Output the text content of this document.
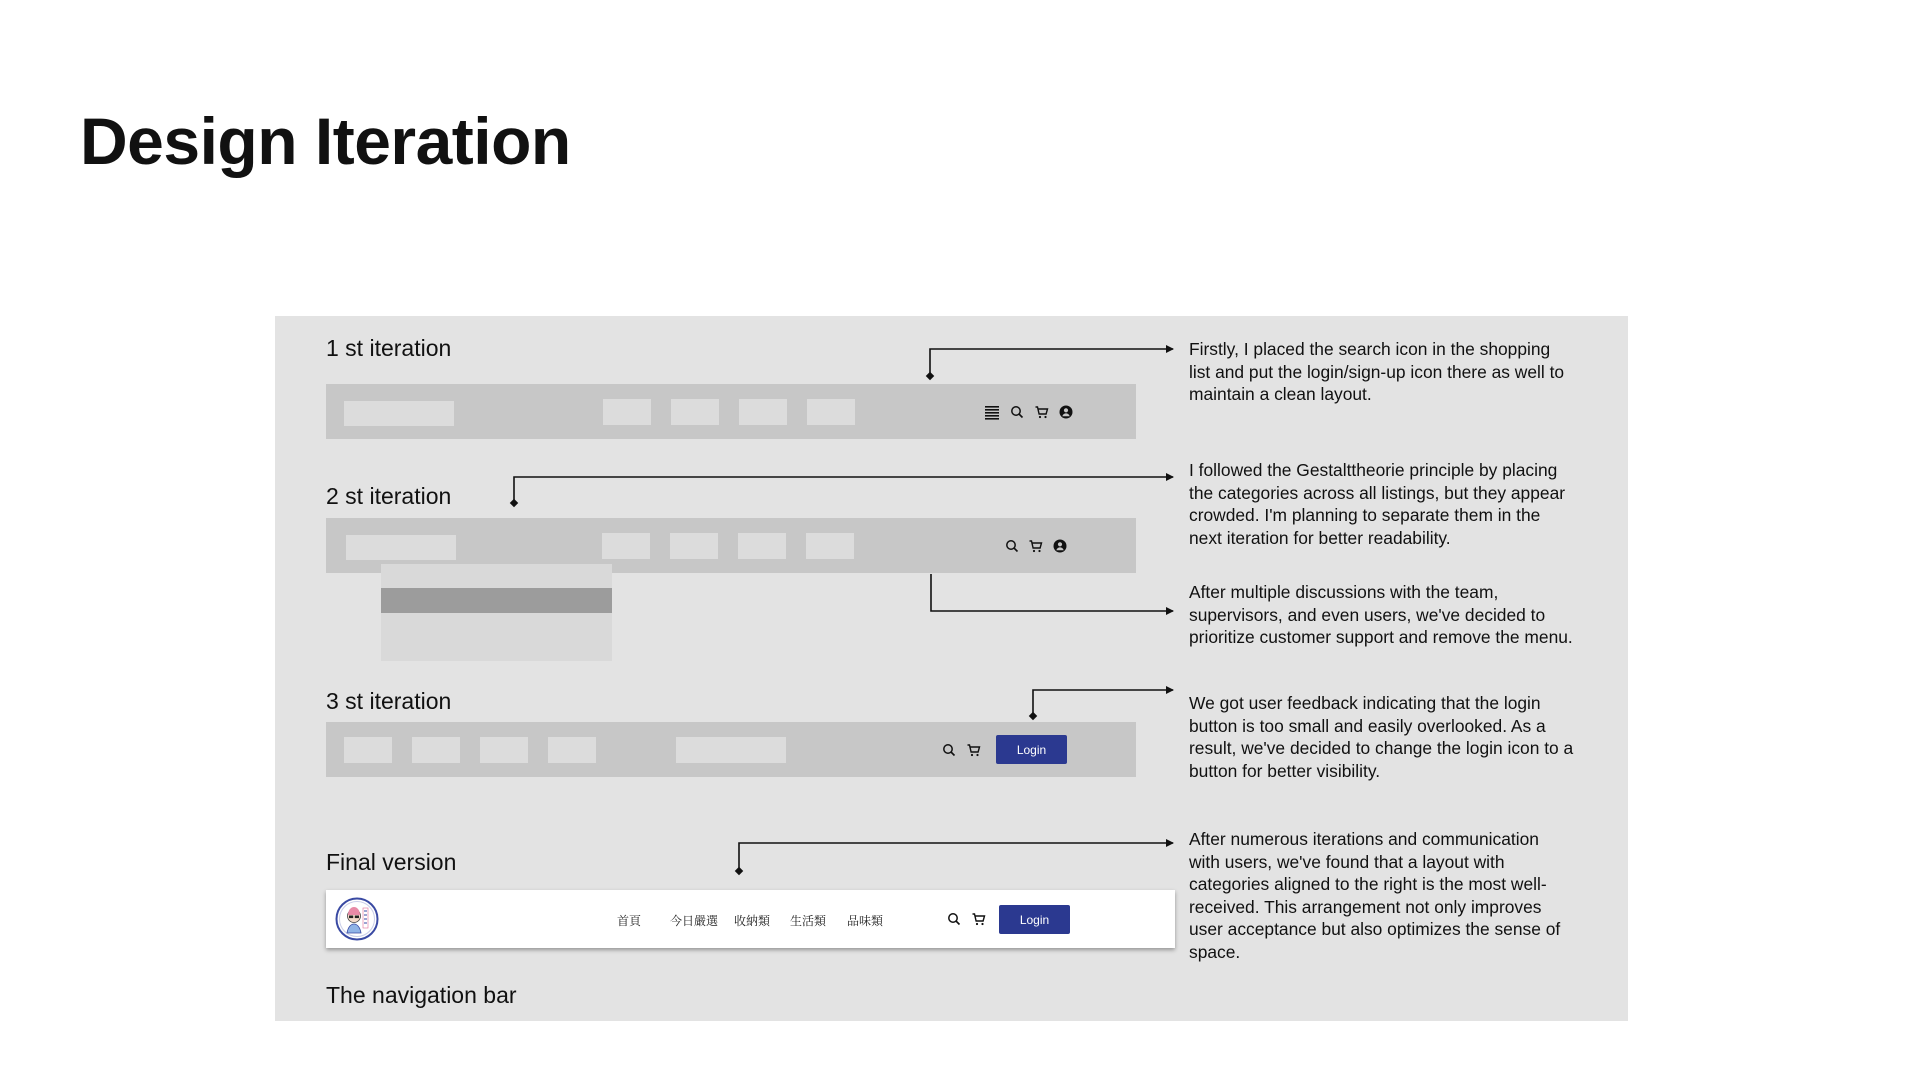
Design Iteration
1 st iteration	Firstly, I placed the search icon in the shopping list and put the login/sign-up icon there as well to maintain a clean layout.
2 st iteration
I followed the Gestalttheorie principle by placing the categories across all listings, but they appear crowded. I'm planning to separate them in the next iteration for better readability.
After multiple discussions with the team, supervisors, and even users, we've decided to prioritize customer support and remove the menu.
3 st iteration
Login
We got user feedback indicating that the login button is too small and easily overlooked. As a result, we've decided to change the login icon to a button for better visibility.
Final version
首頁 今日嚴選 收納類 生活類 品味類	Login
The navigation bar
After numerous iterations and communication with users, we've found that a layout with categories aligned to the right is the most well-received. This arrangement not only improves user acceptance but also optimizes the sense of space.
